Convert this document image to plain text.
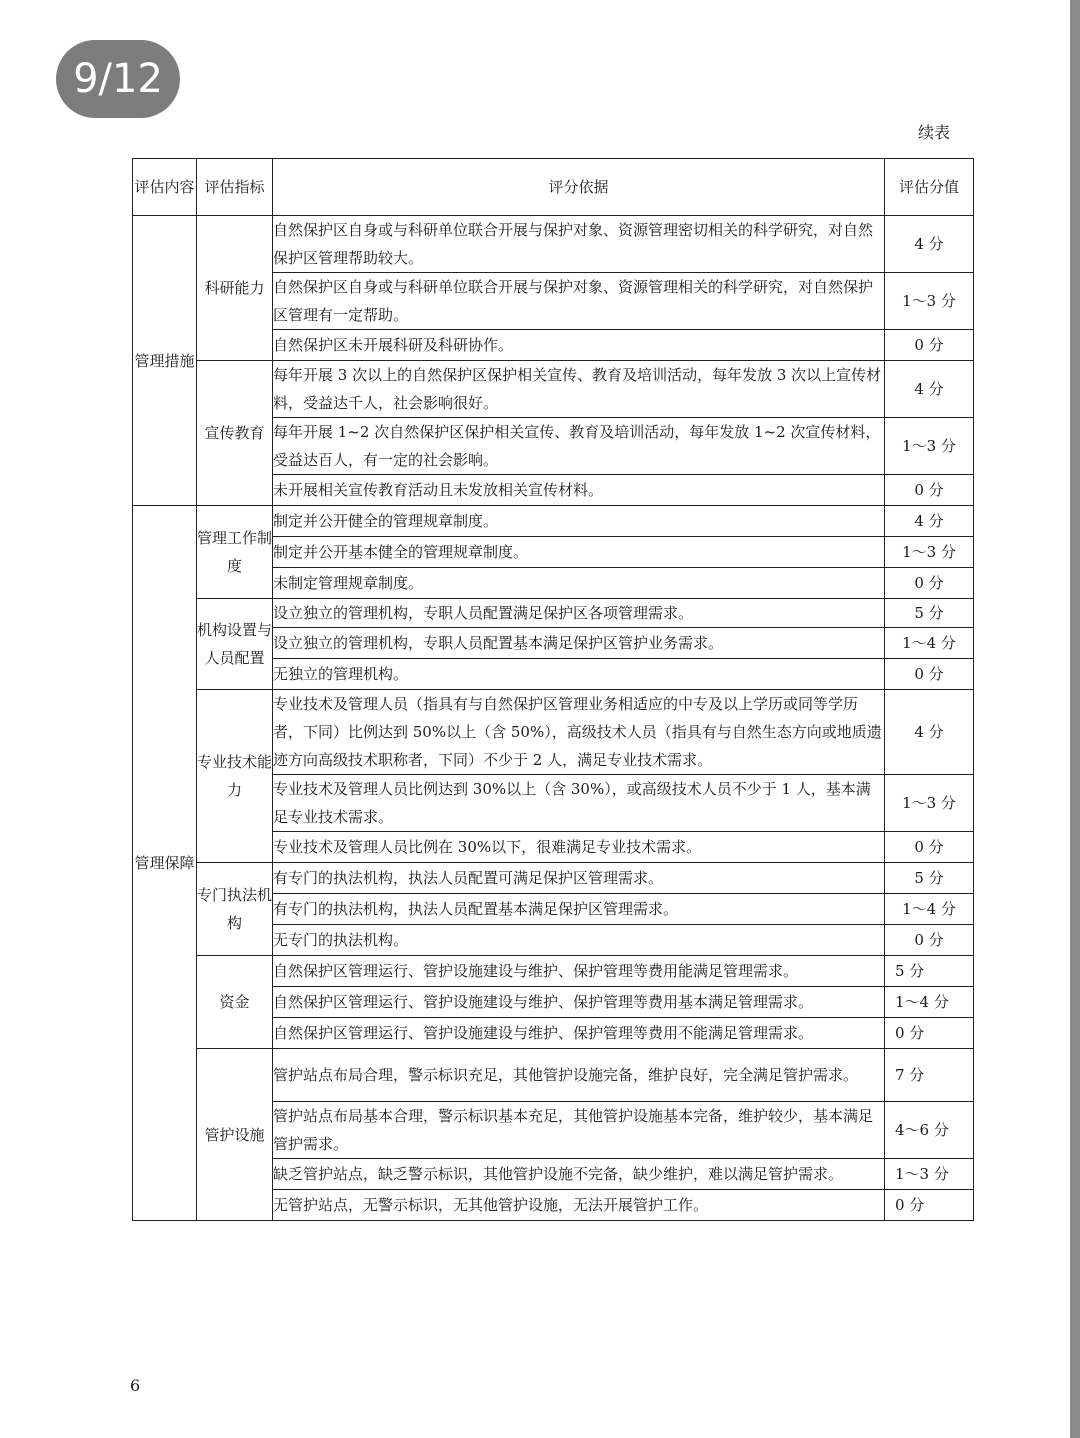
9/12
续表
评估内容	评估指标	评分依据	评估分值
管理措施	科研能力	自然保护区自身或与科研单位联合开展与保护对象、资源管理密切相关的科学研究，对自然保护区管理帮助较大。	4 分
		自然保护区自身或与科研单位联合开展与保护对象、资源管理相关的科学研究，对自然保护区管理有一定帮助。	1～3 分
		自然保护区未开展科研及科研协作。	0 分
	宣传教育	每年开展 3 次以上的自然保护区保护相关宣传、教育及培训活动，每年发放 3 次以上宣传材料，受益达千人，社会影响很好。	4 分
		每年开展 1~2 次自然保护区保护相关宣传、教育及培训活动，每年发放 1~2 次宣传材料，受益达百人，有一定的社会影响。	1～3 分
		未开展相关宣传教育活动且未发放相关宣传材料。	0 分
管理保障	管理工作制度	制定并公开健全的管理规章制度。	4 分
		制定并公开基本健全的管理规章制度。	1～3 分
		未制定管理规章制度。	0 分
	机构设置与人员配置	设立独立的管理机构，专职人员配置满足保护区各项管理需求。	5 分
		设立独立的管理机构，专职人员配置基本满足保护区管护业务需求。	1～4 分
		无独立的管理机构。	0 分
	专业技术能力	专业技术及管理人员（指具有与自然保护区管理业务相适应的中专及以上学历或同等学历者，下同）比例达到 50%以上（含 50%），高级技术人员（指具有与自然生态方向或地质遗迹方向高级技术职称者，下同）不少于 2 人，满足专业技术需求。	4 分
		专业技术及管理人员比例达到 30%以上（含 30%），或高级技术人员不少于 1 人，基本满足专业技术需求。	1～3 分
		专业技术及管理人员比例在 30%以下，很难满足专业技术需求。	0 分
	专门执法机构	有专门的执法机构，执法人员配置可满足保护区管理需求。	5 分
		有专门的执法机构，执法人员配置基本满足保护区管理需求。	1～4 分
		无专门的执法机构。	0 分
	资金	自然保护区管理运行、管护设施建设与维护、保护管理等费用能满足管理需求。	5 分
		自然保护区管理运行、管护设施建设与维护、保护管理等费用基本满足管理需求。	1～4 分
		自然保护区管理运行、管护设施建设与维护、保护管理等费用不能满足管理需求。	0 分
	管护设施	管护站点布局合理，警示标识充足，其他管护设施完备，维护良好，完全满足管护需求。	7 分
		管护站点布局基本合理，警示标识基本充足，其他管护设施基本完备，维护较少，基本满足管护需求。	4～6 分
		缺乏管护站点，缺乏警示标识，其他管护设施不完备，缺少维护，难以满足管护需求。	1～3 分
		无管护站点，无警示标识，无其他管护设施，无法开展管护工作。	0 分
6
